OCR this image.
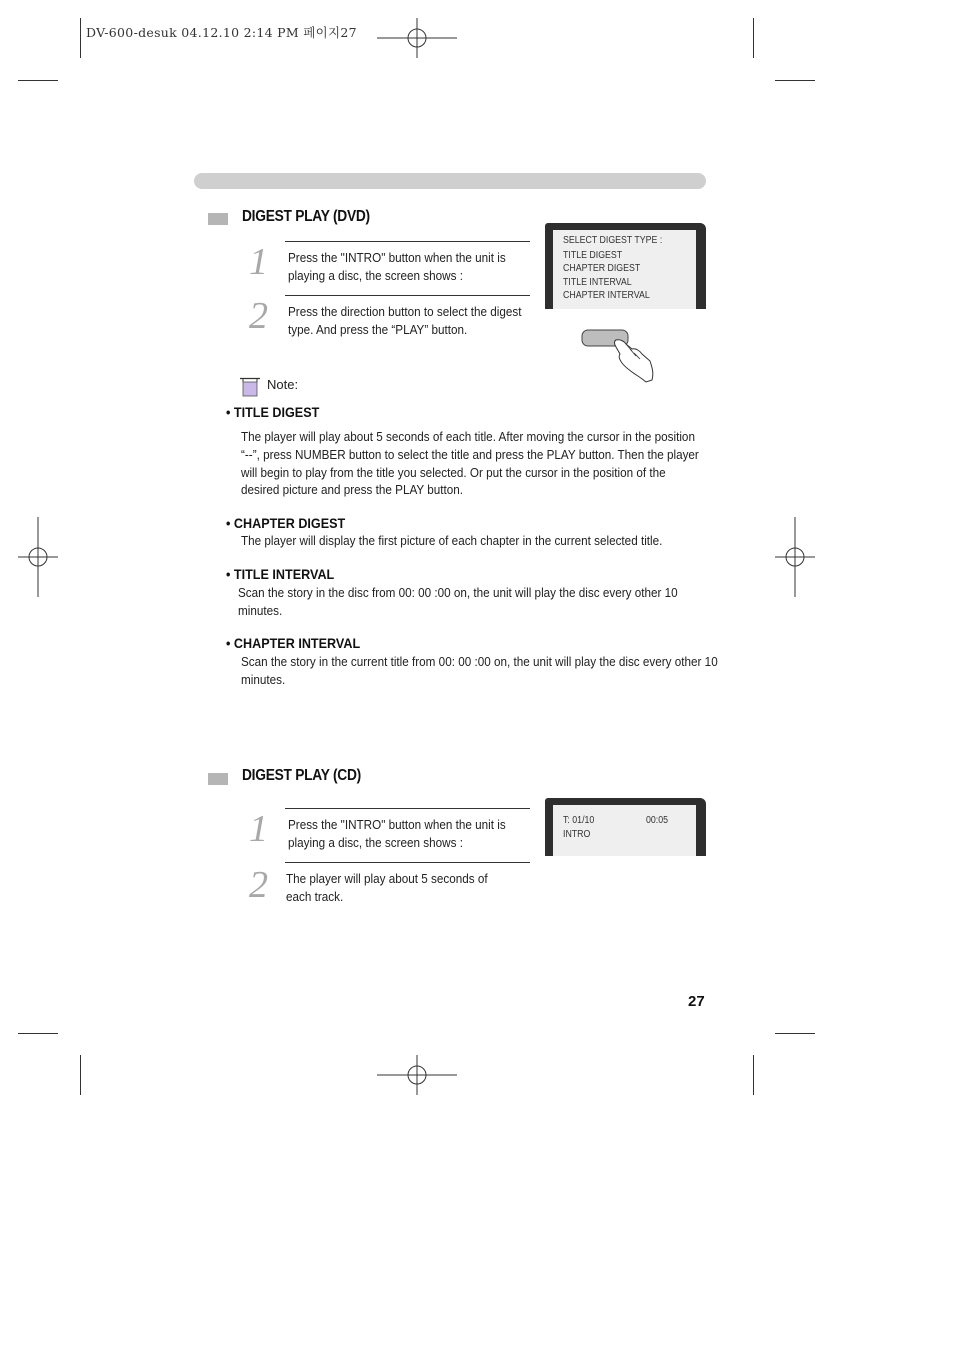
DV-600-desuk 04.12.10 2:14 PM 페이지27
DIGEST PLAY (DVD)
1 Press the "INTRO" button when the unit is playing a disc, the screen shows :
2 Press the direction button to select the digest type. And press the “PLAY” button.
SELECT DIGEST TYPE :
TITLE DIGEST
CHAPTER DIGEST
TITLE INTERVAL
CHAPTER INTERVAL
Note:
• TITLE DIGEST
The player will play about 5 seconds of each title. After moving the cursor in the position “--”, press NUMBER button to select the title and press the PLAY button. Then the player will begin to play from the title you selected. Or put the cursor in the position of the desired picture and press the PLAY button.
• CHAPTER DIGEST
The player will display the first picture of each chapter in the current selected title.
• TITLE INTERVAL
Scan the story in the disc from 00: 00 :00 on, the unit will play the disc every other 10 minutes.
• CHAPTER INTERVAL
Scan the story in the current title from 00: 00 :00 on, the unit will play the disc every other 10 minutes.
DIGEST PLAY (CD)
1 Press the "INTRO" button when the unit is playing a disc, the screen shows :
2 The player will play about 5 seconds of each track.
T: 01/10	00:05
INTRO
27
